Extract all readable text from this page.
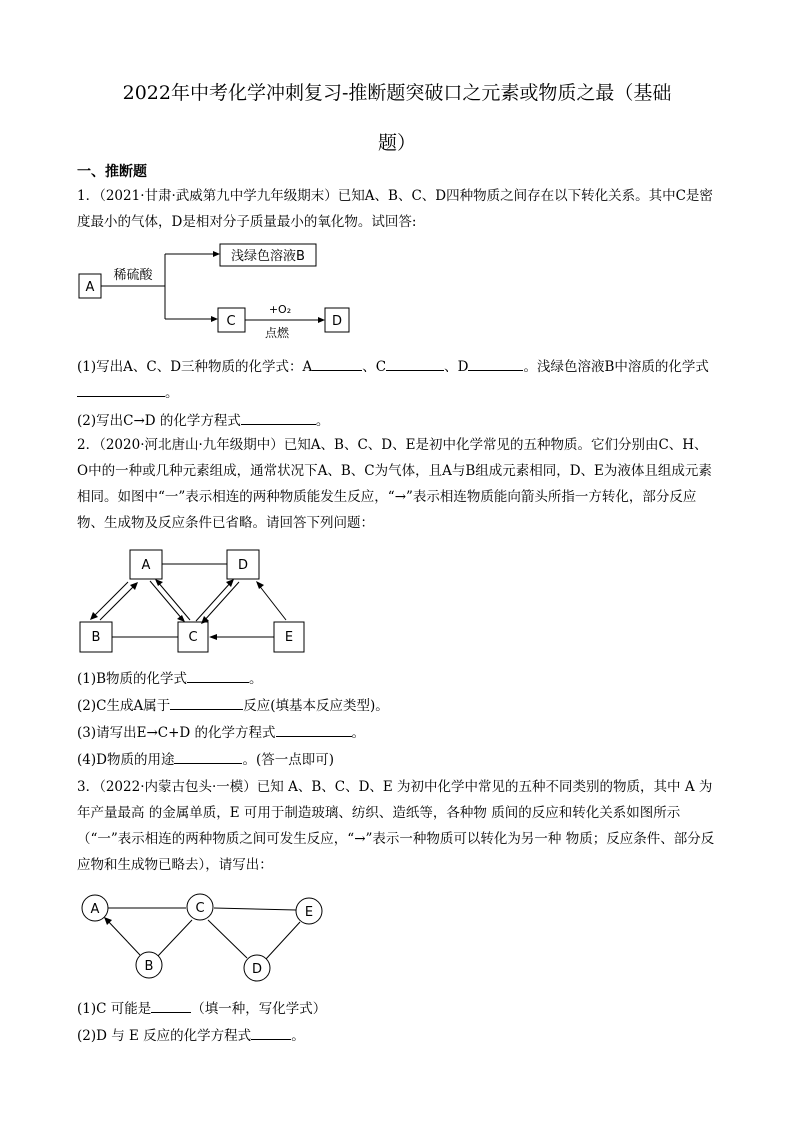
2022年中考化学冲刺复习-推断题突破口之元素或物质之最（基础
题）
一、推断题
1．（2021·甘肃·武威第九中学九年级期末）已知A、B、C、D四种物质之间存在以下转化关系。其中C是密度最小的气体，D是相对分子质量最小的氧化物。试回答:
A
稀硫酸
浅绿色溶液B
C
+O₂
点燃
D
(1)写出A、C、D三种物质的化学式：A	、C	、D	。浅绿色溶液B中溶质的化学式
。
(2)写出C→D 的化学方程式	。
2．（2020·河北唐山·九年级期中）已知A、B、C、D、E是初中化学常见的五种物质。它们分别由C、H、O中的一种或几种元素组成，通常状况下A、B、C为气体，且A与B组成元素相同，D、E为液体且组成元素相同。如图中“一”表示相连的两种物质能发生反应，“→”表示相连物质能向箭头所指一方转化，部分反应物、生成物及反应条件已省略。请回答下列问题：
A	D
B	C	E
(1)B物质的化学式	。
(2)C生成A属于	反应(填基本反应类型)。
(3)请写出E→C+D 的化学方程式	。
(4)D物质的用途	。(答一点即可)
3．（2022·内蒙古包头·一模）已知 A、B、C、D、E 为初中化学中常见的五种不同类别的物质，其中 A 为年产量最高 的金属单质，E 可用于制造玻璃、纺织、造纸等，各种物 质间的反应和转化关系如图所示（“一”表示相连的两种物质之间可发生反应，“→”表示一种物质可以转化为另一种 物质；反应条件、部分反应物和生成物已略去），请写出：
A	C	E
B	D
(1)C 可能是	（填一种，写化学式）
(2)D 与 E 反应的化学方程式	。
